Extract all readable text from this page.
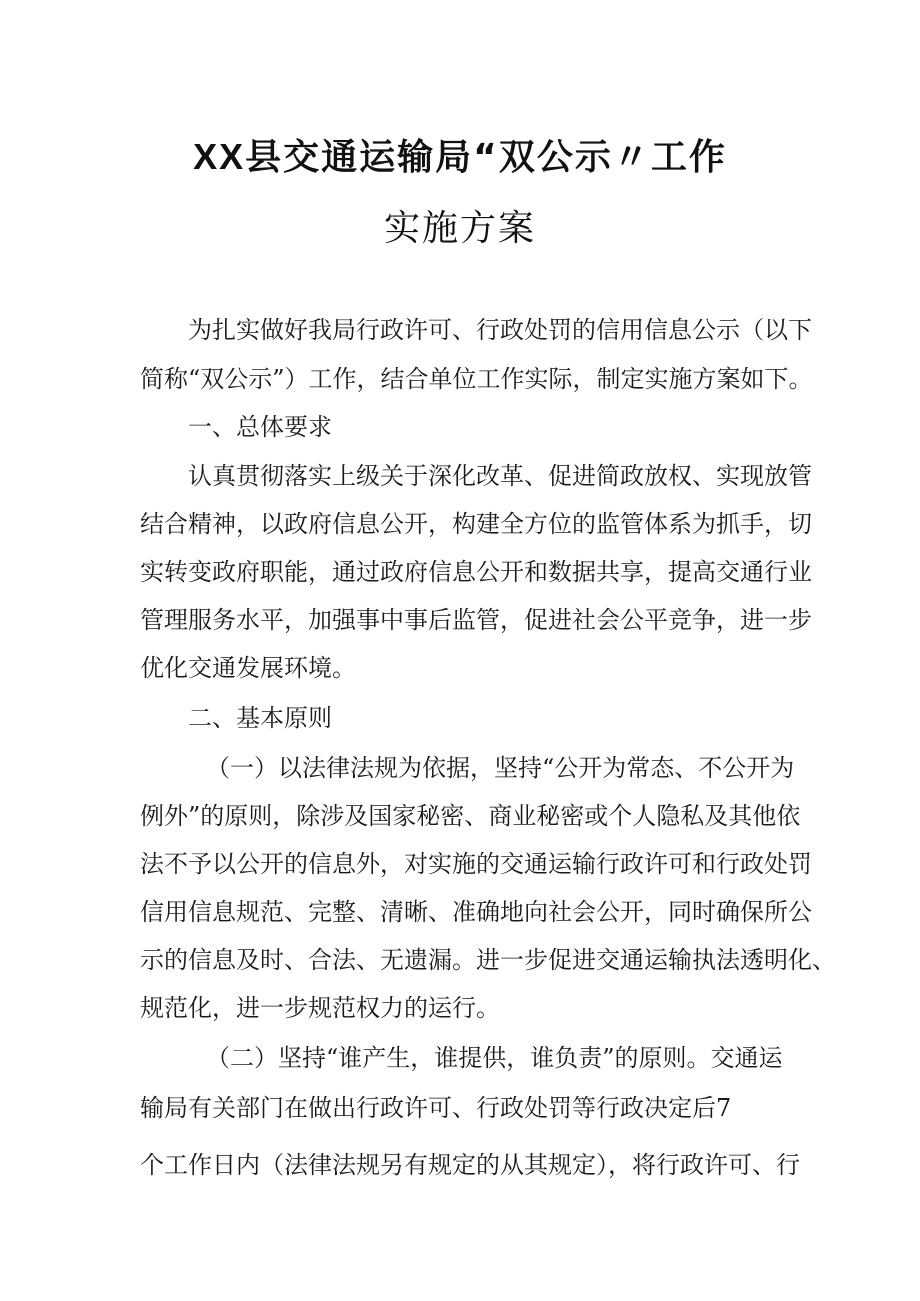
XX县交通运输局“双公示〃工作
实施方案
为扎实做好我局行政许可、行政处罚的信用信息公示（以下
简称“双公示”）工作，结合单位工作实际，制定实施方案如下。
一、总体要求
认真贯彻落实上级关于深化改革、促进简政放权、实现放管
结合精神，以政府信息公开，构建全方位的监管体系为抓手，切
实转变政府职能，通过政府信息公开和数据共享，提高交通行业
管理服务水平，加强事中事后监管，促进社会公平竞争，进一步
优化交通发展环境。
二、基本原则
（一）以法律法规为依据，坚持“公开为常态、不公开为
例外”的原则，除涉及国家秘密、商业秘密或个人隐私及其他依
法不予以公开的信息外，对实施的交通运输行政许可和行政处罚
信用信息规范、完整、清晰、准确地向社会公开，同时确保所公
示的信息及时、合法、无遗漏。进一步促进交通运输执法透明化、
规范化，进一步规范权力的运行。
（二）坚持“谁产生，谁提供，谁负责”的原则。交通运
输局有关部门在做出行政许可、行政处罚等行政决定后7
个工作日内（法律法规另有规定的从其规定），将行政许可、行
